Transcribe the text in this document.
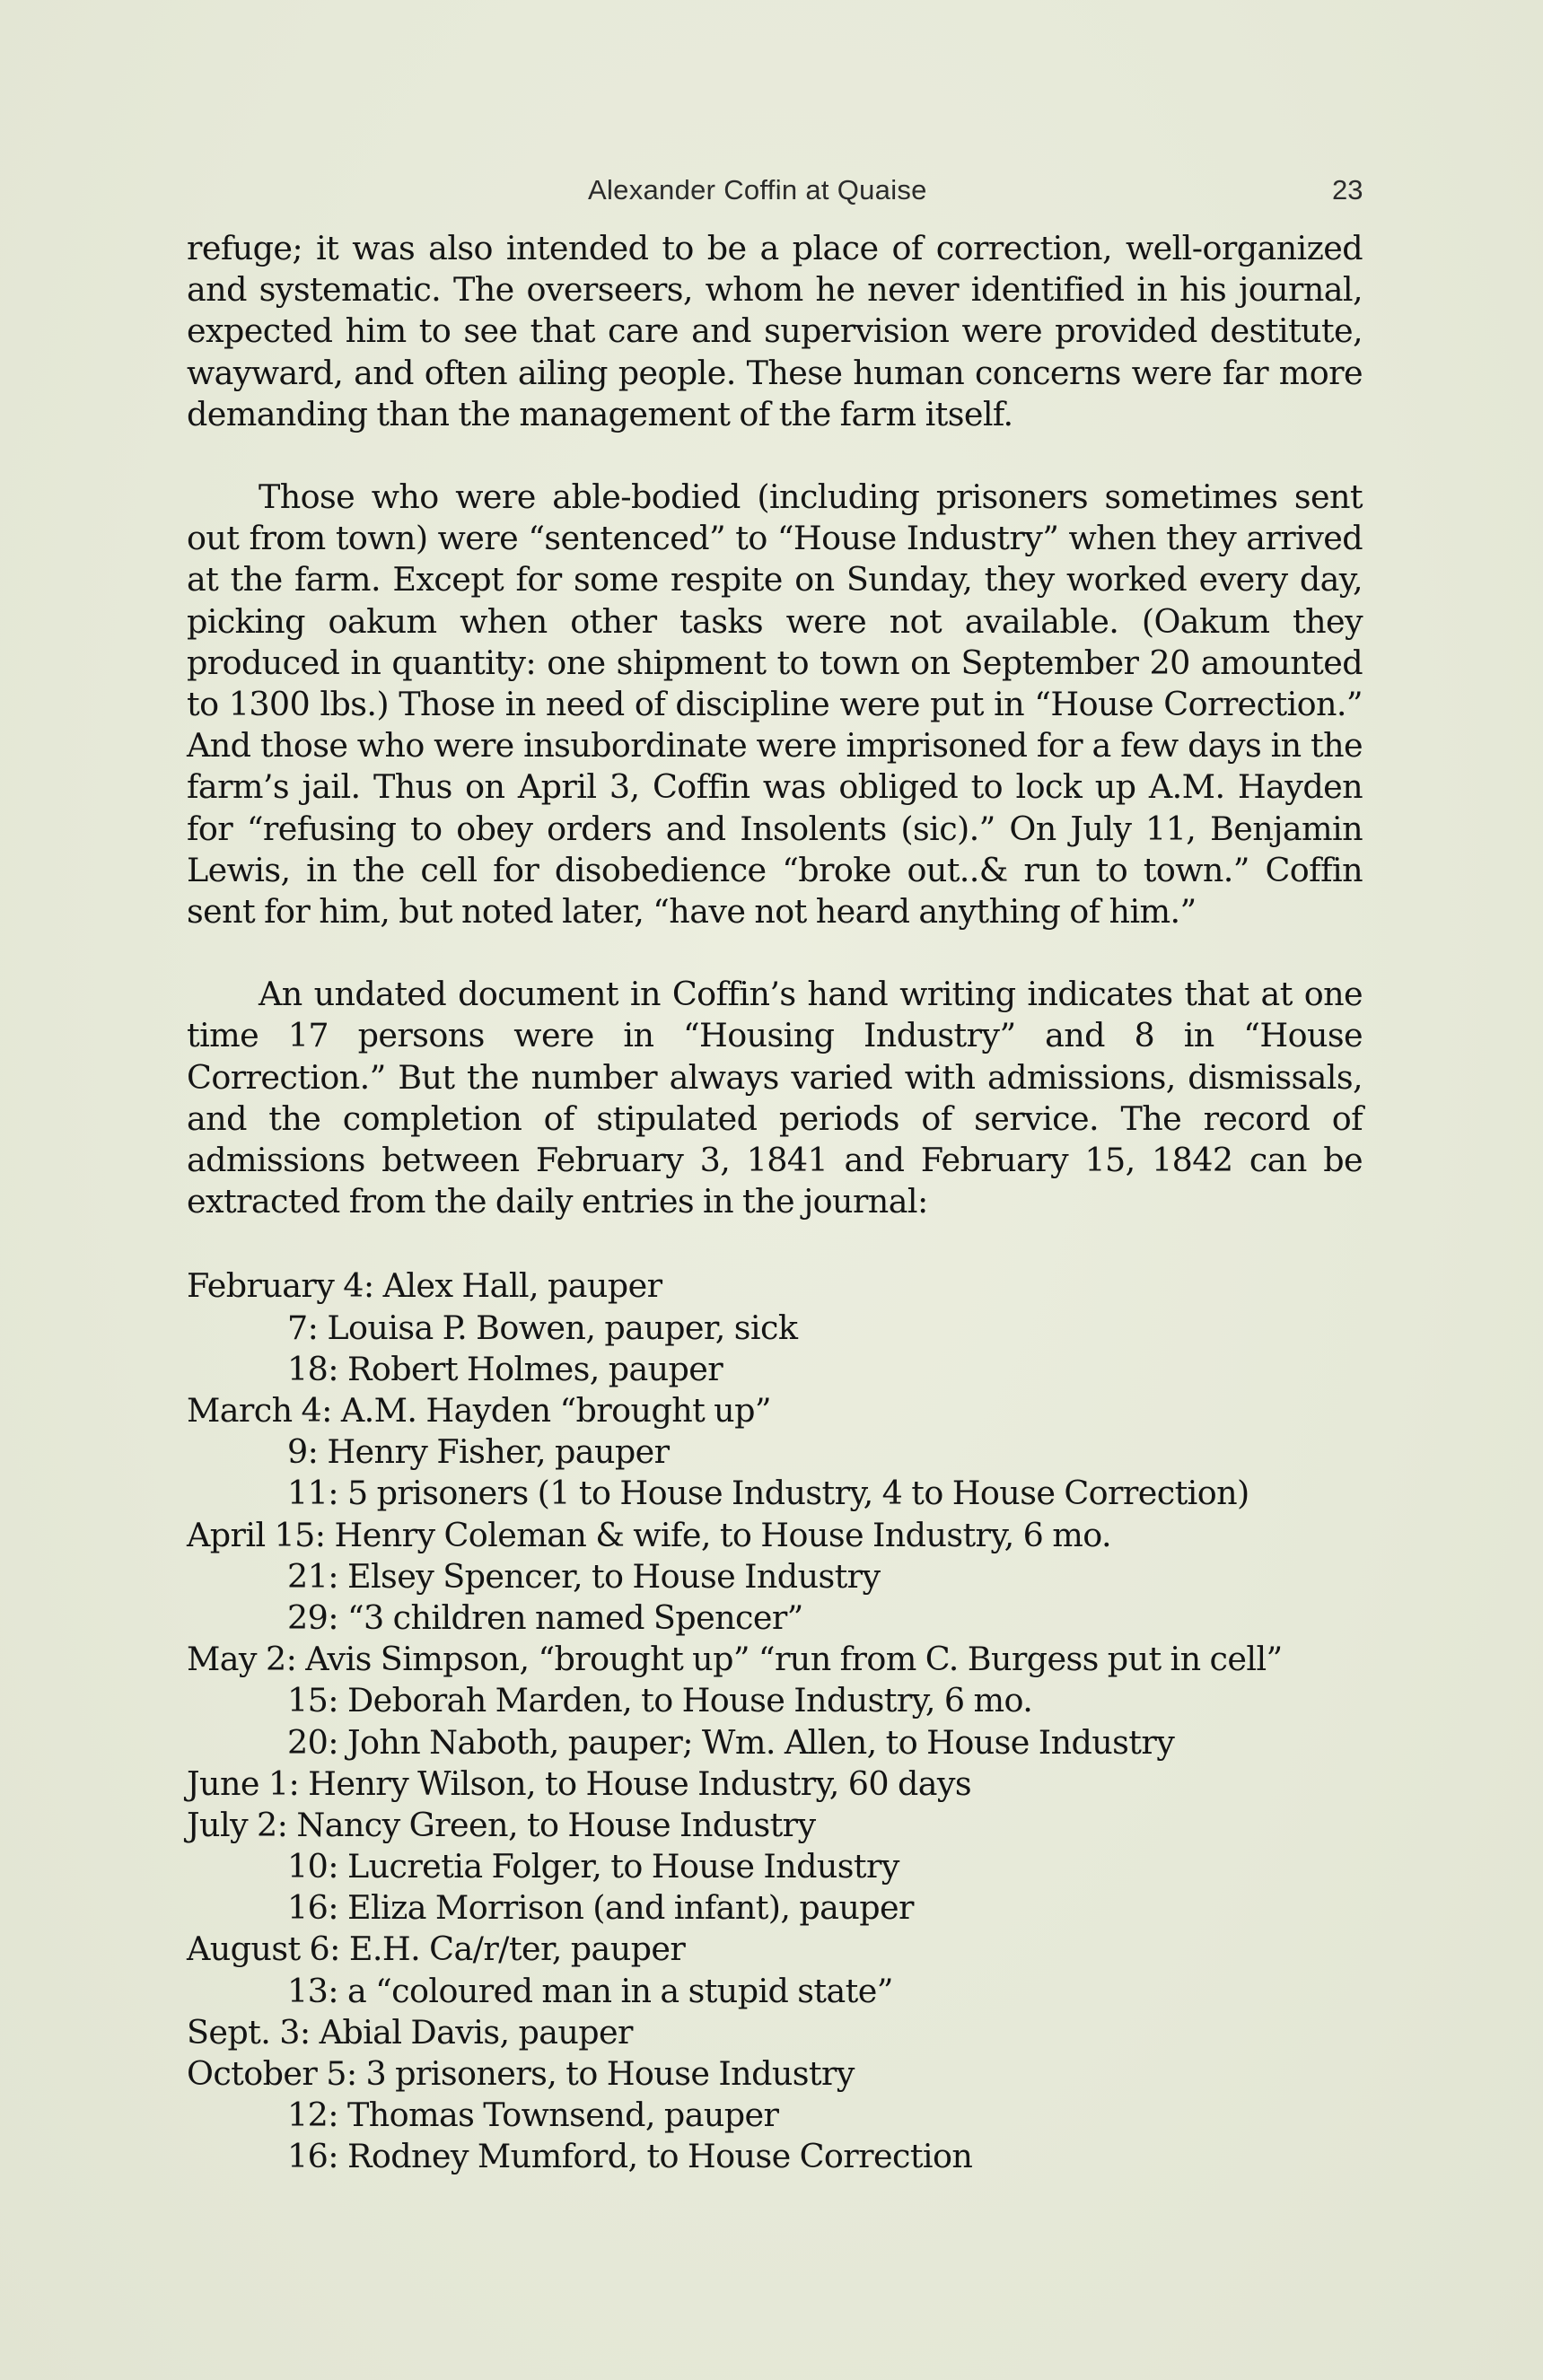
Alexander Coffin at Quaise	23

refuge; it was also intended to be a place of correction, well-organized and systematic. The overseers, whom he never identified in his journal, expected him to see that care and supervision were provided destitute, wayward, and often ailing people. These human concerns were far more demanding than the management of the farm itself.

Those who were able-bodied (including prisoners sometimes sent out from town) were “sentenced” to “House Industry” when they arrived at the farm. Except for some respite on Sunday, they worked every day, picking oakum when other tasks were not available. (Oakum they produced in quantity: one shipment to town on September 20 amounted to 1300 lbs.) Those in need of discipline were put in “House Correction.” And those who were insubordinate were imprisoned for a few days in the farm’s jail. Thus on April 3, Coffin was obliged to lock up A.M. Hayden for “refusing to obey orders and Insolents (sic).” On July 11, Benjamin Lewis, in the cell for disobedience “broke out..& run to town.” Coffin sent for him, but noted later, “have not heard anything of him.”

An undated document in Coffin’s hand writing indicates that at one time 17 persons were in “Housing Industry” and 8 in “House Correction.” But the number always varied with admissions, dismissals, and the completion of stipulated periods of service. The record of admissions between February 3, 1841 and February 15, 1842 can be extracted from the daily entries in the journal:

February 4: Alex Hall, pauper
7: Louisa P. Bowen, pauper, sick
18: Robert Holmes, pauper
March 4: A.M. Hayden “brought up”
9: Henry Fisher, pauper
11: 5 prisoners (1 to House Industry, 4 to House Correction)
April 15: Henry Coleman & wife, to House Industry, 6 mo.
21: Elsey Spencer, to House Industry
29: “3 children named Spencer”
May 2: Avis Simpson, “brought up” “run from C. Burgess put in cell”
15: Deborah Marden, to House Industry, 6 mo.
20: John Naboth, pauper; Wm. Allen, to House Industry
June 1: Henry Wilson, to House Industry, 60 days
July 2: Nancy Green, to House Industry
10: Lucretia Folger, to House Industry
16: Eliza Morrison (and infant), pauper
August 6: E.H. Ca/r/ter, pauper
13: a “coloured man in a stupid state”
Sept. 3: Abial Davis, pauper
October 5: 3 prisoners, to House Industry
12: Thomas Townsend, pauper
16: Rodney Mumford, to House Correction
